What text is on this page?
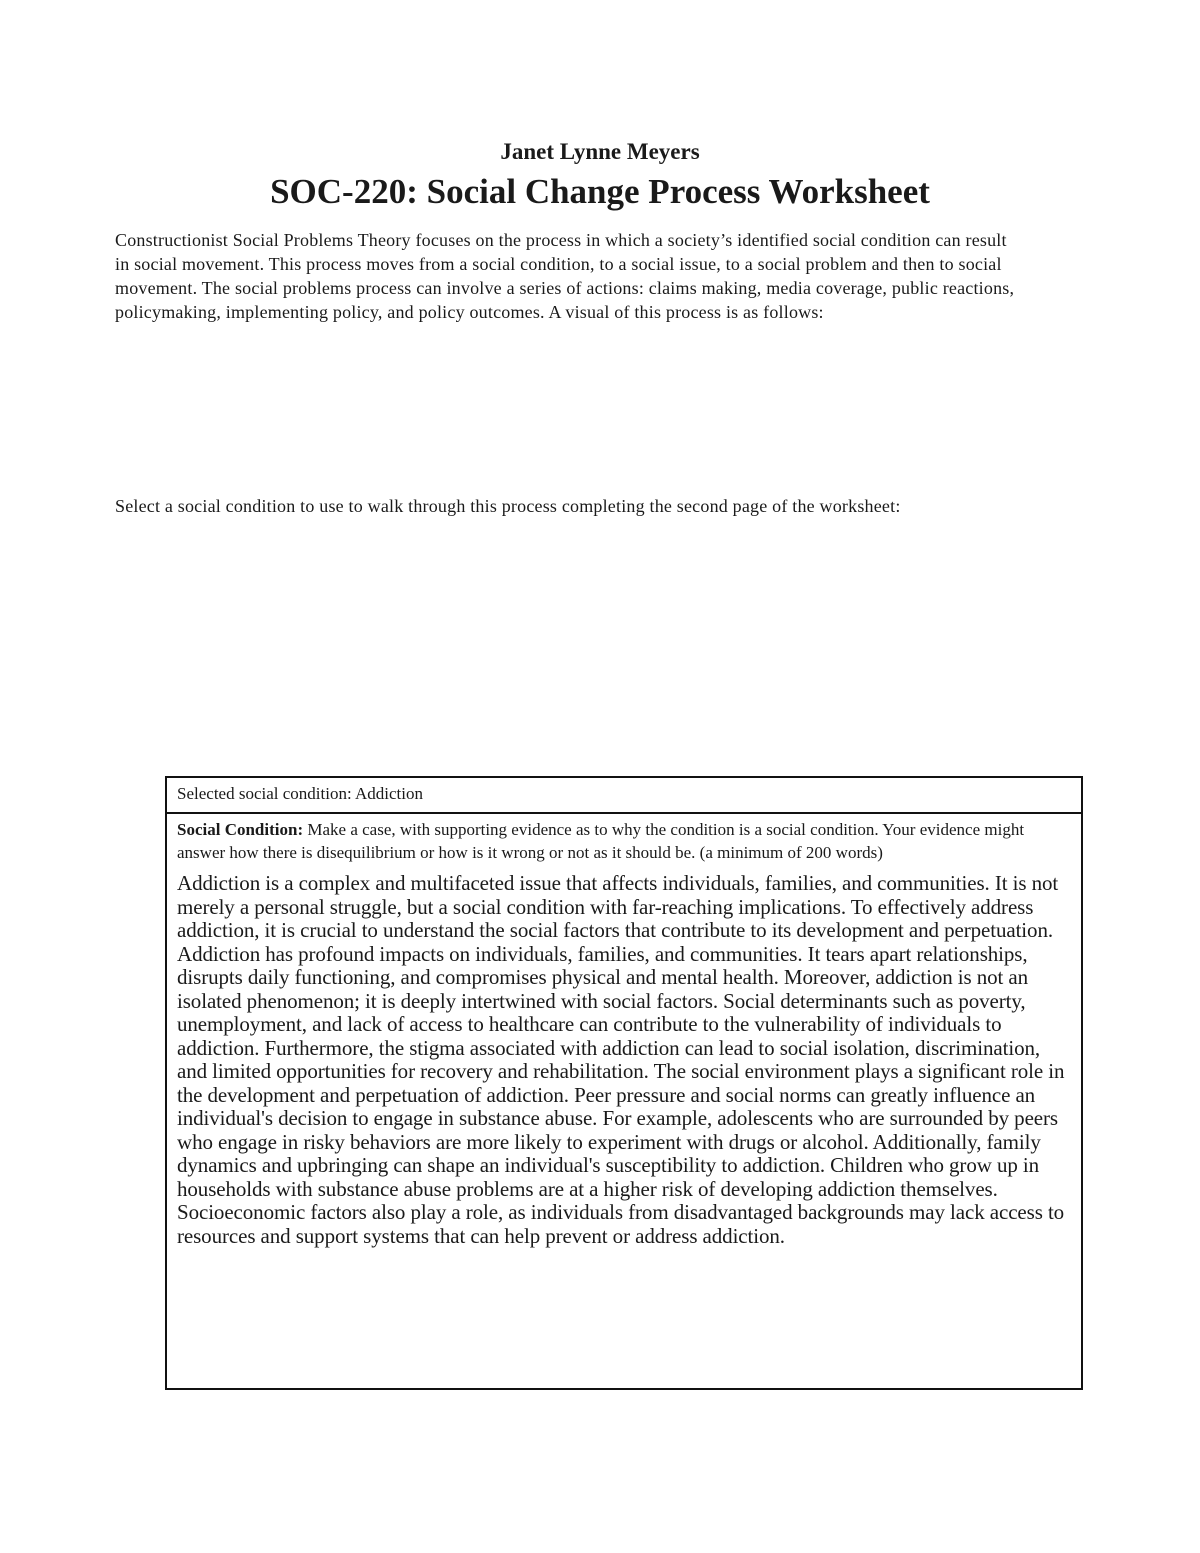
Janet Lynne Meyers
SOC-220: Social Change Process Worksheet

Constructionist Social Problems Theory focuses on the process in which a society’s identified social condition can result in social movement. This process moves from a social condition, to a social issue, to a social problem and then to social movement. The social problems process can involve a series of actions: claims making, media coverage, public reactions, policymaking, implementing policy, and policy outcomes. A visual of this process is as follows:

Select a social condition to use to walk through this process completing the second page of the worksheet:

Selected social condition: Addiction

Social Condition: Make a case, with supporting evidence as to why the condition is a social condition. Your evidence might answer how there is disequilibrium or how is it wrong or not as it should be. (a minimum of 200 words)

Addiction is a complex and multifaceted issue that affects individuals, families, and communities. It is not merely a personal struggle, but a social condition with far-reaching implications. To effectively address addiction, it is crucial to understand the social factors that contribute to its development and perpetuation. Addiction has profound impacts on individuals, families, and communities. It tears apart relationships, disrupts daily functioning, and compromises physical and mental health. Moreover, addiction is not an isolated phenomenon; it is deeply intertwined with social factors. Social determinants such as poverty, unemployment, and lack of access to healthcare can contribute to the vulnerability of individuals to addiction. Furthermore, the stigma associated with addiction can lead to social isolation, discrimination, and limited opportunities for recovery and rehabilitation. The social environment plays a significant role in the development and perpetuation of addiction. Peer pressure and social norms can greatly influence an individual's decision to engage in substance abuse. For example, adolescents who are surrounded by peers who engage in risky behaviors are more likely to experiment with drugs or alcohol. Additionally, family dynamics and upbringing can shape an individual's susceptibility to addiction. Children who grow up in households with substance abuse problems are at a higher risk of developing addiction themselves. Socioeconomic factors also play a role, as individuals from disadvantaged backgrounds may lack access to resources and support systems that can help prevent or address addiction.
